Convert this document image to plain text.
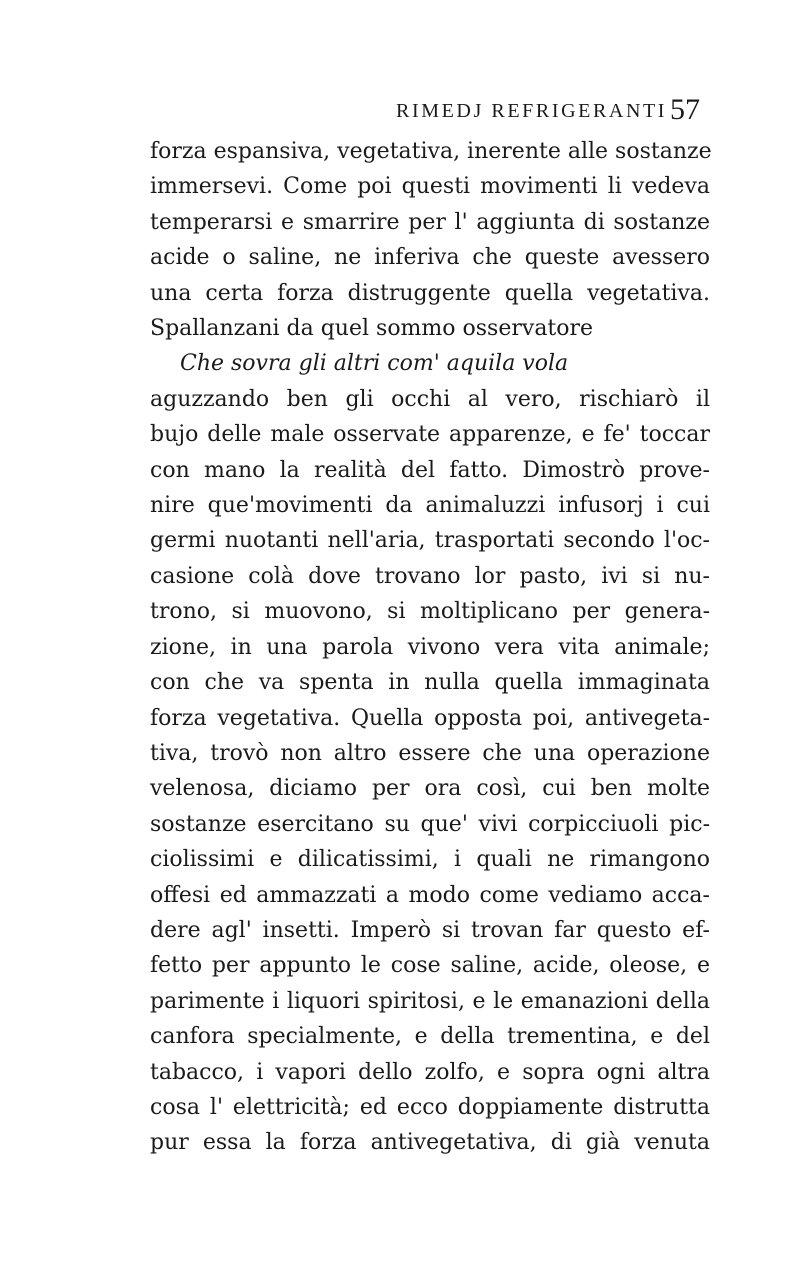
RIMEDJ REFRIGERANTI 57
forza espansiva, vegetativa, inerente alle sostanze
immersevi. Come poi questi movimenti li vedeva
temperarsi e smarrire per l' aggiunta di sostanze
acide o saline, ne inferiva che queste avessero
una certa forza distruggente quella vegetativa.
Spallanzani da quel sommo osservatore
Che sovra gli altri com' aquila vola
aguzzando ben gli occhi al vero, rischiarò il
bujo delle male osservate apparenze, e fe' toccar
con mano la realità del fatto. Dimostrò prove-
nire que'movimenti da animaluzzi infusorj i cui
germi nuotanti nell'aria, trasportati secondo l'oc-
casione colà dove trovano lor pasto, ivi si nu-
trono, si muovono, si moltiplicano per genera-
zione, in una parola vivono vera vita animale;
con che va spenta in nulla quella immaginata
forza vegetativa. Quella opposta poi, antivegeta-
tiva, trovò non altro essere che una operazione
velenosa, diciamo per ora così, cui ben molte
sostanze esercitano su que' vivi corpicciuoli pic-
ciolissimi e dilicatissimi, i quali ne rimangono
offesi ed ammazzati a modo come vediamo acca-
dere agl' insetti. Imperò si trovan far questo ef-
fetto per appunto le cose saline, acide, oleose, e
parimente i liquori spiritosi, e le emanazioni della
canfora specialmente, e della trementina, e del
tabacco, i vapori dello zolfo, e sopra ogni altra
cosa l' elettricità; ed ecco doppiamente distrutta
pur essa la forza antivegetativa, di già venuta
